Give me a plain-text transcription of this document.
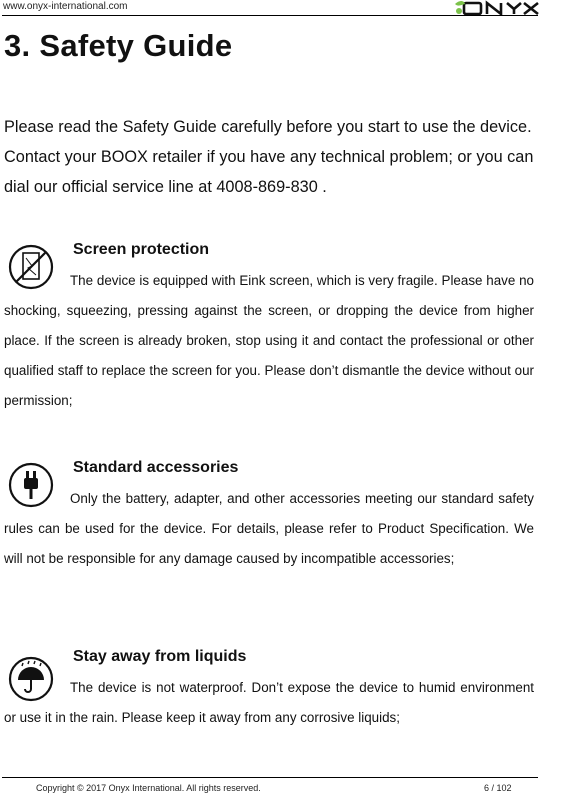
www.onyx-international.com
3. Safety Guide

Please read the Safety Guide carefully before you start to use the device. Contact your BOOX retailer if you have any technical problem; or you can dial our official service line at 4008-869-830 .

Screen protection

The device is equipped with Eink screen, which is very fragile. Please have no shocking, squeezing, pressing against the screen, or dropping the device from higher place. If the screen is already broken, stop using it and contact the professional or other qualified staff to replace the screen for you. Please don’t dismantle the device without our permission;

Standard accessories

Only the battery, adapter, and other accessories meeting our standard safety rules can be used for the device. For details, please refer to Product Specification. We will not be responsible for any damage caused by incompatible accessories;

Stay away from liquids

The device is not waterproof. Don’t expose the device to humid environment or use it in the rain. Please keep it away from any corrosive liquids;

Copyright © 2017 Onyx International. All rights reserved.	6 / 102
